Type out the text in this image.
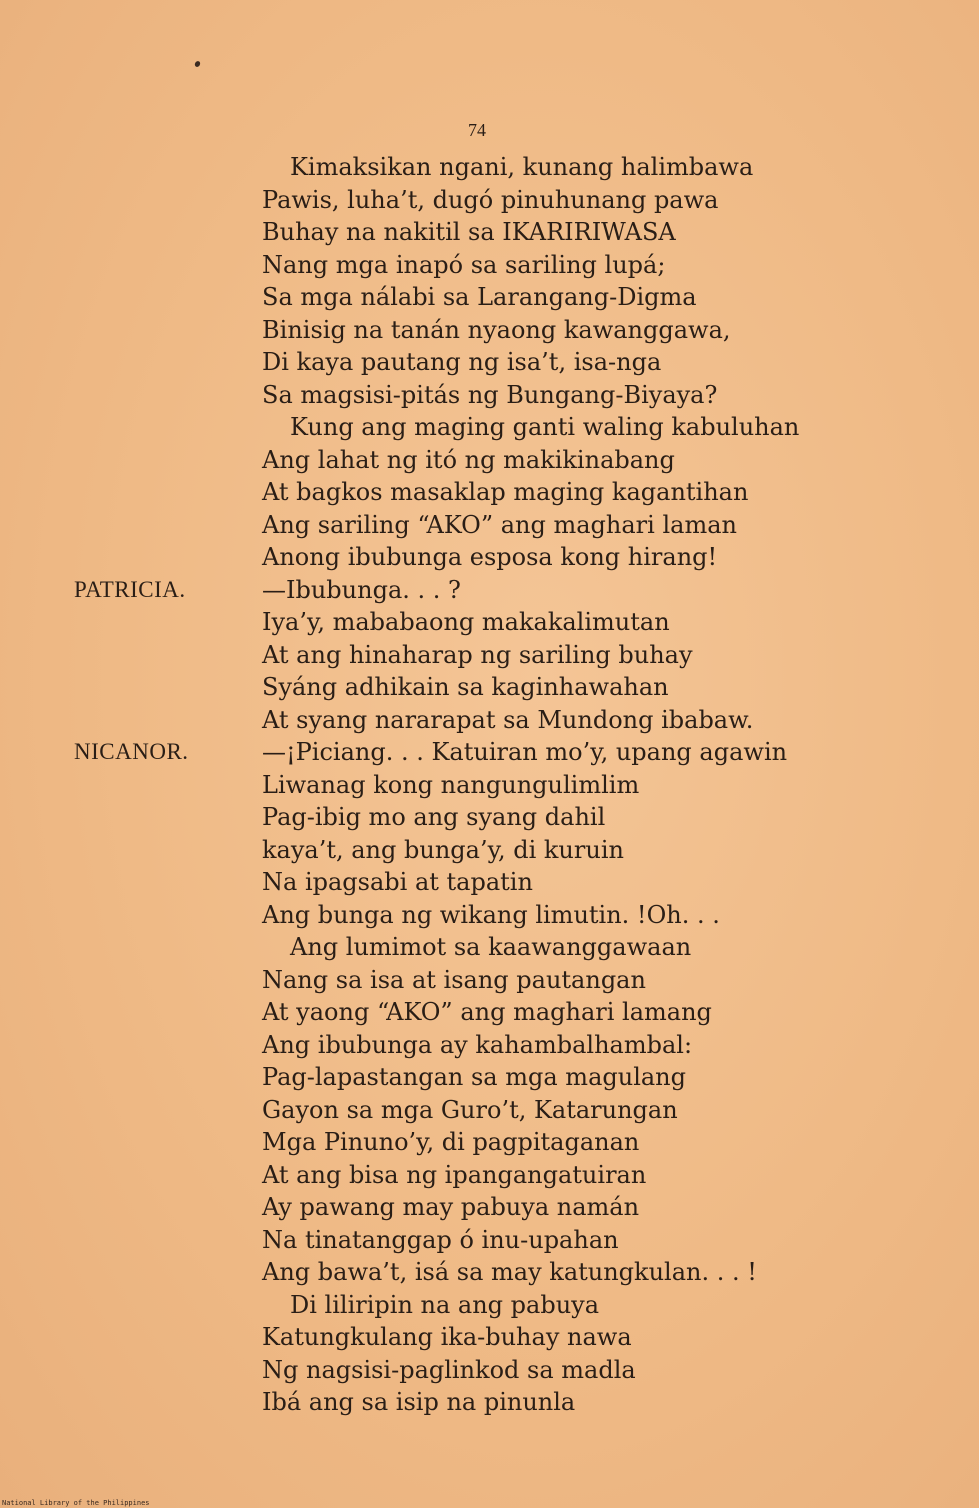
74
Kimaksikan ngani, kunang halimbawa
Pawis, luha’t, dugó pinuhunang pawa
Buhay na nakitil sa IKARIRIWASA
Nang mga inapó sa sariling lupá;
Sa mga nálabi sa Larangang-Digma
Binisig na tanán nyaong kawanggawa,
Di kaya pautang ng isa’t, isa-nga
Sa magsisi-pitás ng Bungang-Biyaya?
Kung ang maging ganti waling kabuluhan
Ang lahat ng itó ng makikinabang
At bagkos masaklap maging kagantihan
Ang sariling “AKO” ang maghari laman
Anong ibubunga esposa kong hirang!
PATRICIA.	—Ibubunga. . . ?
Iya’y, mababaong makakalimutan
At ang hinaharap ng sariling buhay
Syáng adhikain sa kaginhawahan
At syang nararapat sa Mundong ibabaw.
NICANOR.	—¡Piciang. . . Katuiran mo’y, upang agawin
Liwanag kong nangungulimlim
Pag-ibig mo ang syang dahil
kaya’t, ang bunga’y, di kuruin
Na ipagsabi at tapatin
Ang bunga ng wikang limutin. !Oh. . .
Ang lumimot sa kaawanggawaan
Nang sa isa at isang pautangan
At yaong “AKO” ang maghari lamang
Ang ibubunga ay kahambalhambal:
Pag-lapastangan sa mga magulang
Gayon sa mga Guro’t, Katarungan
Mga Pinuno’y, di pagpitaganan
At ang bisa ng ipangangatuiran
Ay pawang may pabuya namán
Na tinatanggap ó inu-upahan
Ang bawa’t, isá sa may katungkulan. . . !
Di liliripin na ang pabuya
Katungkulang ika-buhay nawa
Ng nagsisi-paglinkod sa madla
Ibá ang sa isip na pinunla
National Library of the Philippines
